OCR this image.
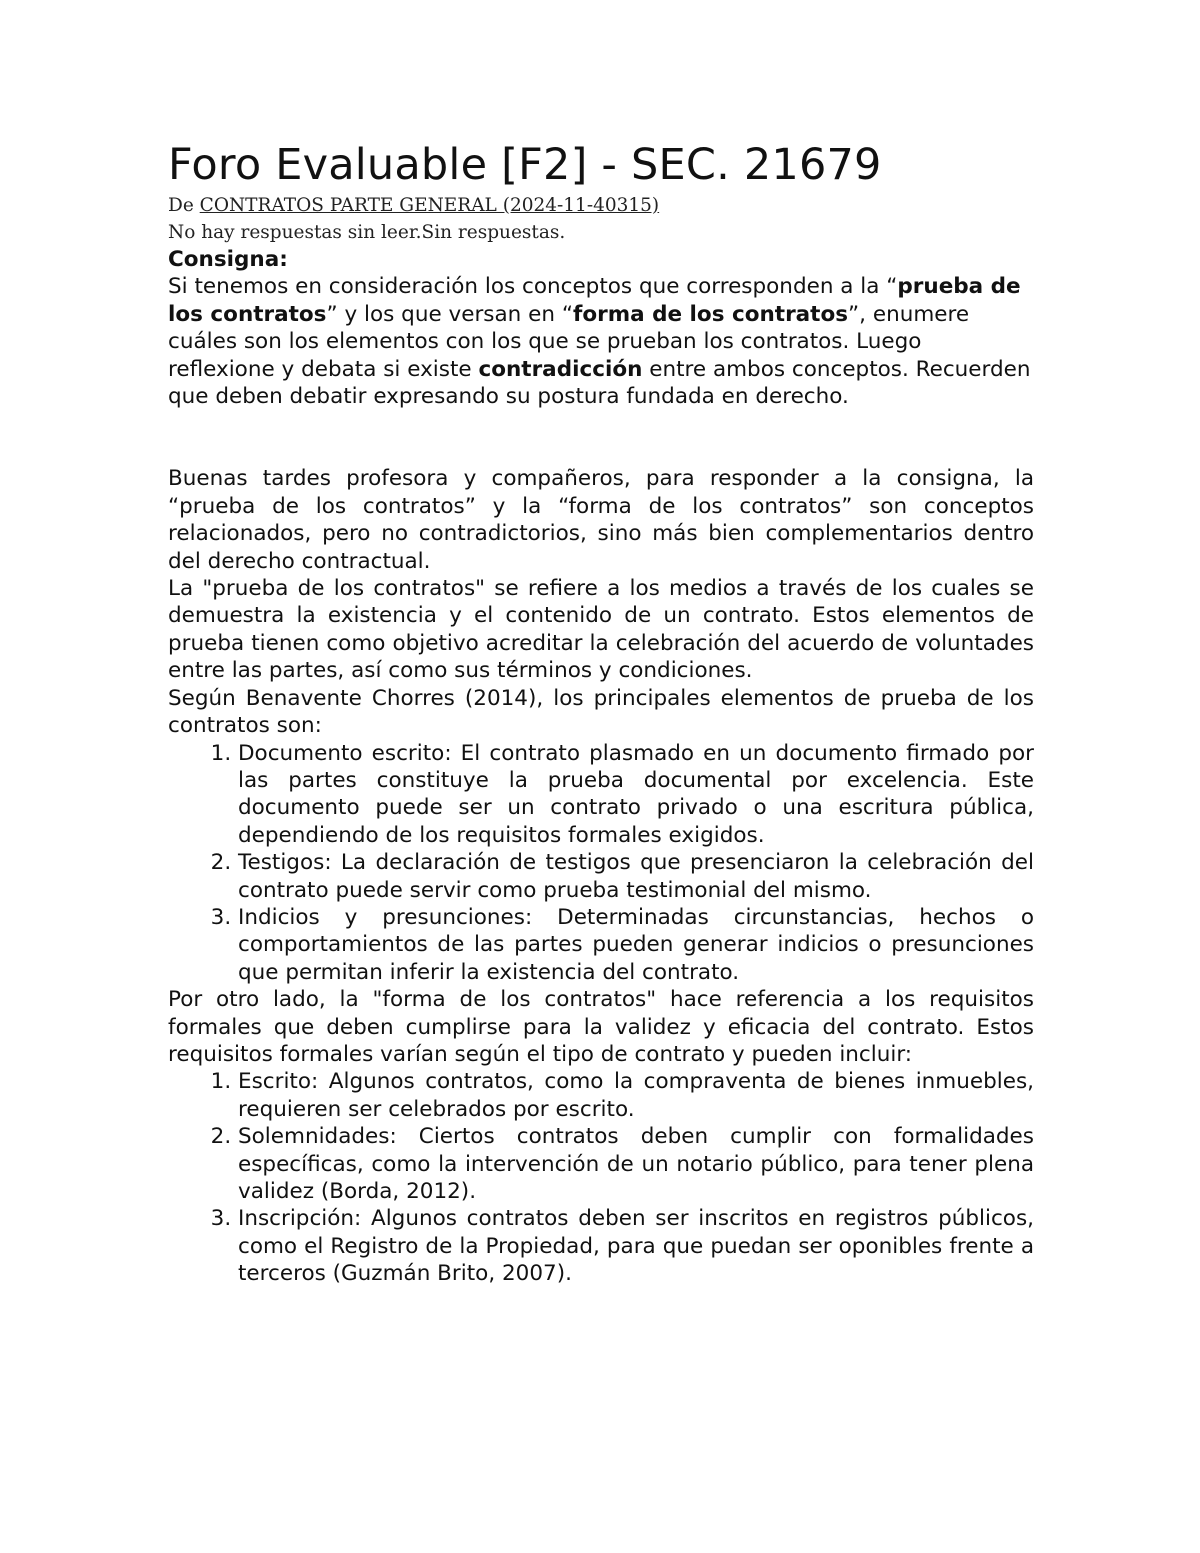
Foro Evaluable [F2] - SEC. 21679
De CONTRATOS PARTE GENERAL (2024-11-40315)
No hay respuestas sin leer.Sin respuestas.
Consigna:

Si tenemos en consideración los conceptos que corresponden a la “prueba de los contratos” y los que versan en “forma de los contratos”, enumere cuáles son los elementos con los que se prueban los contratos. Luego reflexione y debata si existe contradicción entre ambos conceptos. Recuerden que deben debatir expresando su postura fundada en derecho.

Buenas tardes profesora y compañeros, para responder a la consigna, la “prueba de los contratos” y la “forma de los contratos” son conceptos relacionados, pero no contradictorios, sino más bien complementarios dentro del derecho contractual.

La "prueba de los contratos" se refiere a los medios a través de los cuales se demuestra la existencia y el contenido de un contrato. Estos elementos de prueba tienen como objetivo acreditar la celebración del acuerdo de voluntades entre las partes, así como sus términos y condiciones.

Según Benavente Chorres (2014), los principales elementos de prueba de los contratos son:

1. Documento escrito: El contrato plasmado en un documento firmado por las partes constituye la prueba documental por excelencia. Este documento puede ser un contrato privado o una escritura pública, dependiendo de los requisitos formales exigidos.
2. Testigos: La declaración de testigos que presenciaron la celebración del contrato puede servir como prueba testimonial del mismo.
3. Indicios y presunciones: Determinadas circunstancias, hechos o comportamientos de las partes pueden generar indicios o presunciones que permitan inferir la existencia del contrato.

Por otro lado, la "forma de los contratos" hace referencia a los requisitos formales que deben cumplirse para la validez y eficacia del contrato. Estos requisitos formales varían según el tipo de contrato y pueden incluir:

1. Escrito: Algunos contratos, como la compraventa de bienes inmuebles, requieren ser celebrados por escrito.
2. Solemnidades: Ciertos contratos deben cumplir con formalidades específicas, como la intervención de un notario público, para tener plena validez (Borda, 2012).
3. Inscripción: Algunos contratos deben ser inscritos en registros públicos, como el Registro de la Propiedad, para que puedan ser oponibles frente a terceros (Guzmán Brito, 2007).
